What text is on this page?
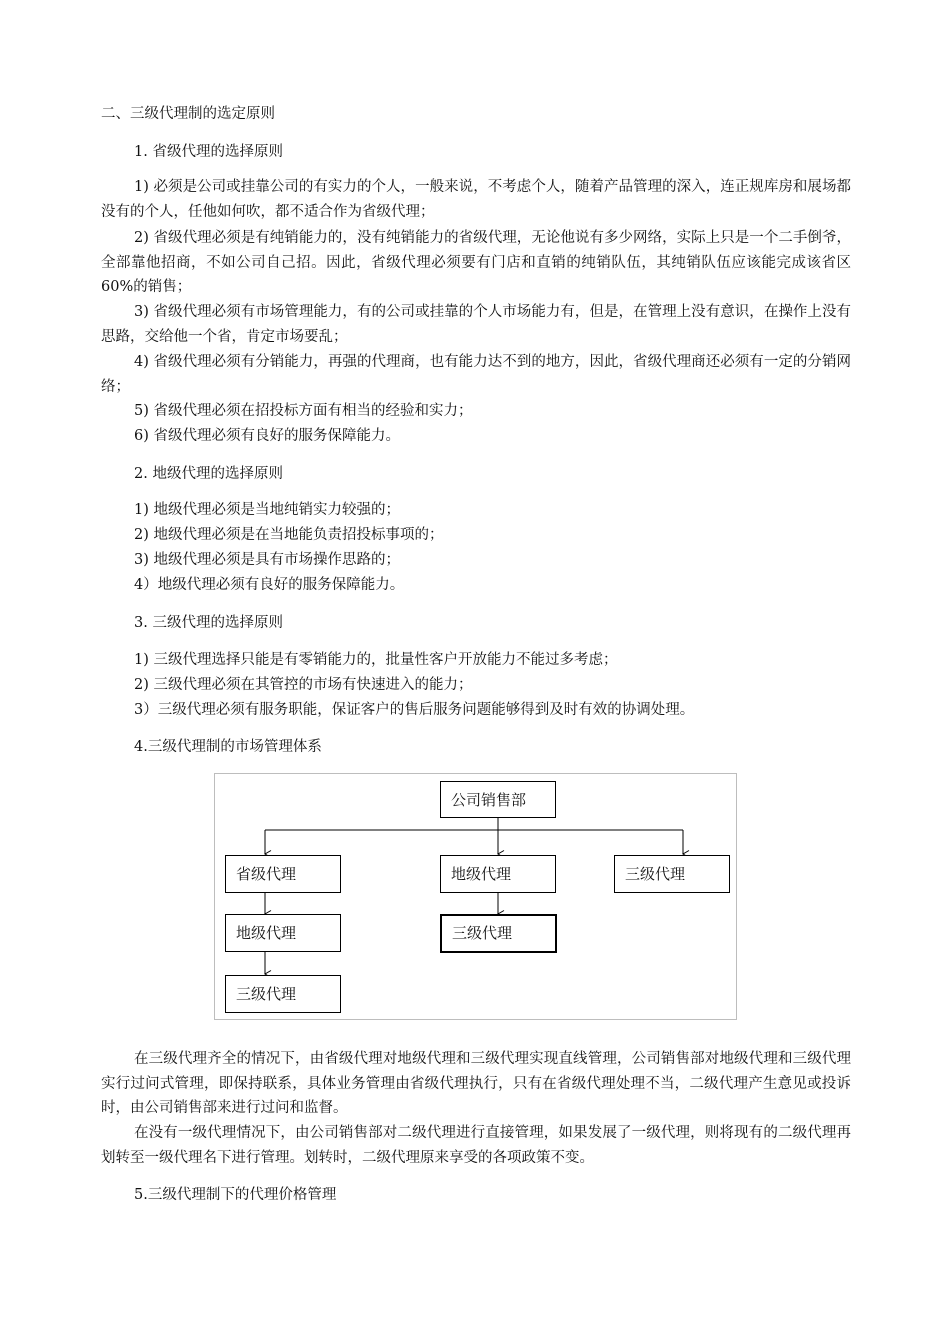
二、三级代理制的选定原则
1. 省级代理的选择原则
1) 必须是公司或挂靠公司的有实力的个人，一般来说，不考虑个人，随着产品管理的深入，连正规库房和展场都没有的个人，任他如何吹，都不适合作为省级代理；
2) 省级代理必须是有纯销能力的，没有纯销能力的省级代理，无论他说有多少网络，实际上只是一个二手倒爷，全部靠他招商，不如公司自己招。因此，省级代理必须要有门店和直销的纯销队伍，其纯销队伍应该能完成该省区 60%的销售；
3) 省级代理必须有市场管理能力，有的公司或挂靠的个人市场能力有，但是，在管理上没有意识，在操作上没有思路，交给他一个省，肯定市场要乱；
4) 省级代理必须有分销能力，再强的代理商，也有能力达不到的地方，因此，省级代理商还必须有一定的分销网络；
5) 省级代理必须在招投标方面有相当的经验和实力；
6) 省级代理必须有良好的服务保障能力。
2. 地级代理的选择原则
1) 地级代理必须是当地纯销实力较强的；
2) 地级代理必须是在当地能负责招投标事项的；
3) 地级代理必须是具有市场操作思路的；
4）地级代理必须有良好的服务保障能力。
3. 三级代理的选择原则
1) 三级代理选择只能是有零销能力的，批量性客户开放能力不能过多考虑；
2) 三级代理必须在其管控的市场有快速进入的能力；
3）三级代理必须有服务职能，保证客户的售后服务问题能够得到及时有效的协调处理。
4.三级代理制的市场管理体系
公司销售部
省级代理
地级代理
三级代理
地级代理
三级代理
三级代理
在三级代理齐全的情况下，由省级代理对地级代理和三级代理实现直线管理，公司销售部对地级代理和三级代理实行过问式管理，即保持联系，具体业务管理由省级代理执行，只有在省级代理处理不当，二级代理产生意见或投诉时，由公司销售部来进行过问和监督。
在没有一级代理情况下，由公司销售部对二级代理进行直接管理，如果发展了一级代理，则将现有的二级代理再划转至一级代理名下进行管理。划转时，二级代理原来享受的各项政策不变。
5.三级代理制下的代理价格管理
